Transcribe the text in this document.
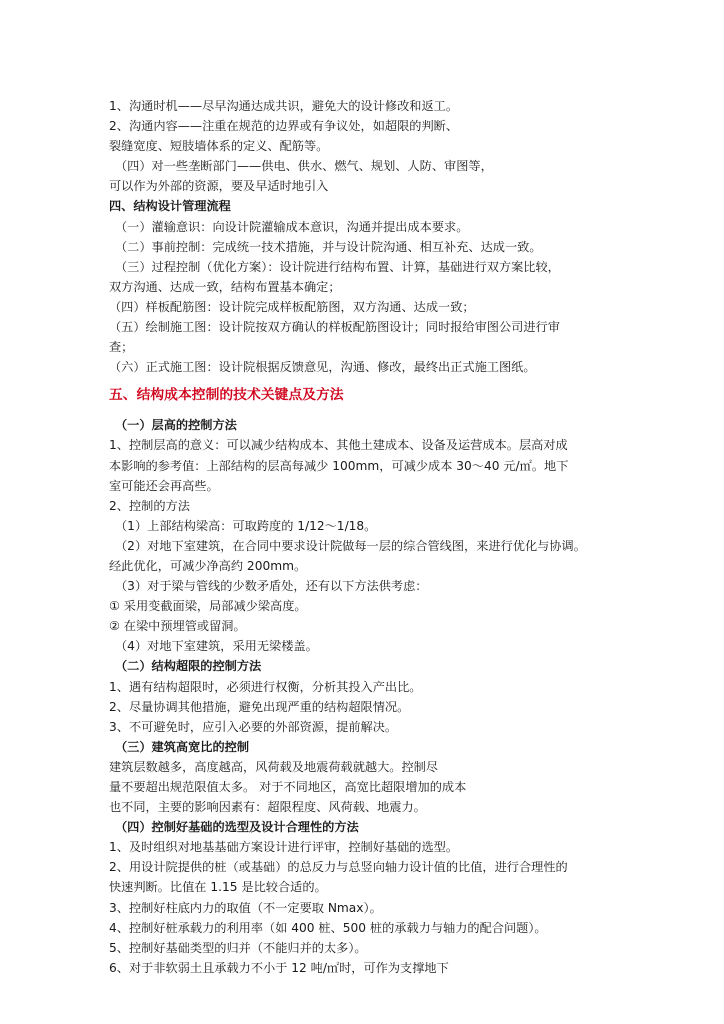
1、沟通时机——尽早沟通达成共识，避免大的设计修改和返工。
2、沟通内容——注重在规范的边界或有争议处，如超限的判断、
裂缝宽度、短肢墙体系的定义、配筋等。
（四）对一些垄断部门——供电、供水、燃气、规划、人防、审图等，
可以作为外部的资源，要及早适时地引入
四、结构设计管理流程
（一）灌输意识：向设计院灌输成本意识，沟通并提出成本要求。
（二）事前控制：完成统一技术措施，并与设计院沟通、相互补充、达成一致。
（三）过程控制（优化方案）：设计院进行结构布置、计算，基础进行双方案比较，
双方沟通、达成一致，结构布置基本确定；
（四）样板配筋图：设计院完成样板配筋图，双方沟通、达成一致；
（五）绘制施工图：设计院按双方确认的样板配筋图设计；同时报给审图公司进行审
查；
（六）正式施工图：设计院根据反馈意见，沟通、修改，最终出正式施工图纸。
五、结构成本控制的技术关键点及方法
（一）层高的控制方法
1、控制层高的意义：可以减少结构成本、其他土建成本、设备及运营成本。层高对成
本影响的参考值：上部结构的层高每减少 100mm，可减少成本 30～40 元/㎡。地下
室可能还会再高些。
2、控制的方法
（1）上部结构梁高：可取跨度的 1/12～1/18。
（2）对地下室建筑，在合同中要求设计院做每一层的综合管线图，来进行优化与协调。
经此优化，可减少净高约 200mm。
（3）对于梁与管线的少数矛盾处，还有以下方法供考虑：
① 采用变截面梁，局部减少梁高度。
② 在梁中预埋管或留洞。
（4）对地下室建筑，采用无梁楼盖。
（二）结构超限的控制方法
1、遇有结构超限时，必须进行权衡，分析其投入产出比。
2、尽量协调其他措施，避免出现严重的结构超限情况。
3、不可避免时，应引入必要的外部资源，提前解决。
（三）建筑高宽比的控制
建筑层数越多，高度越高，风荷载及地震荷载就越大。控制尽
量不要超出规范限值太多。 对于不同地区，高宽比超限增加的成本
也不同，主要的影响因素有：超限程度、风荷载、地震力。
（四）控制好基础的选型及设计合理性的方法
1、及时组织对地基基础方案设计进行评审，控制好基础的选型。
2、用设计院提供的桩（或基础）的总反力与总竖向轴力设计值的比值，进行合理性的
快速判断。比值在 1.15 是比较合适的。
3、控制好柱底内力的取值（不一定要取 Nmax）。
4、控制好桩承载力的利用率（如 400 桩、500 桩的承载力与轴力的配合问题）。
5、控制好基础类型的归并（不能归并的太多）。
6、对于非软弱土且承载力不小于 12 吨/㎡时，可作为支撑地下
